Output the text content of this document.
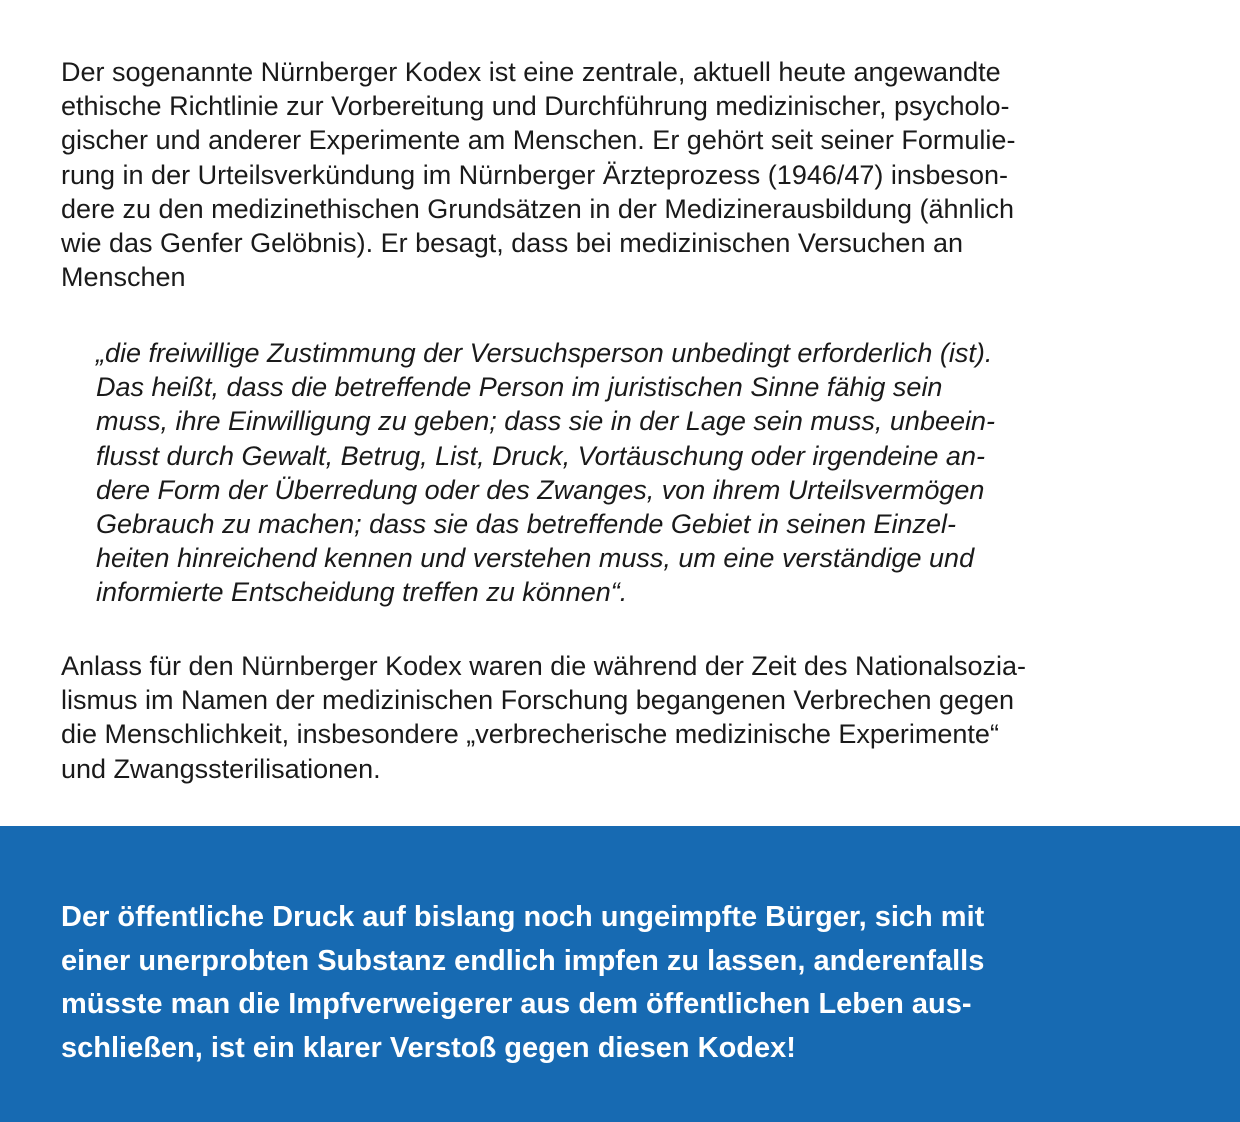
Der sogenannte Nürnberger Kodex ist eine zentrale, aktuell heute angewandte
ethische Richtlinie zur Vorbereitung und Durchführung medizinischer, psycholo-
gischer und anderer Experimente am Menschen. Er gehört seit seiner Formulie-
rung in der Urteilsverkündung im Nürnberger Ärzteprozess (1946/47) insbeson-
dere zu den medizinethischen Grundsätzen in der Medizinerausbildung (ähnlich
wie das Genfer Gelöbnis). Er besagt, dass bei medizinischen Versuchen an
Menschen

„die freiwillige Zustimmung der Versuchsperson unbedingt erforderlich (ist).
Das heißt, dass die betreffende Person im juristischen Sinne fähig sein
muss, ihre Einwilligung zu geben; dass sie in der Lage sein muss, unbeein-
flusst durch Gewalt, Betrug, List, Druck, Vortäuschung oder irgendeine an-
dere Form der Überredung oder des Zwanges, von ihrem Urteilsvermögen
Gebrauch zu machen; dass sie das betreffende Gebiet in seinen Einzel-
heiten hinreichend kennen und verstehen muss, um eine verständige und
informierte Entscheidung treffen zu können“.

Anlass für den Nürnberger Kodex waren die während der Zeit des Nationalsozia-
lismus im Namen der medizinischen Forschung begangenen Verbrechen gegen
die Menschlichkeit, insbesondere „verbrecherische medizinische Experimente“
und Zwangssterilisationen.

Der öffentliche Druck auf bislang noch ungeimpfte Bürger, sich mit
einer unerprobten Substanz endlich impfen zu lassen, anderenfalls
müsste man die Impfverweigerer aus dem öffentlichen Leben aus-
schließen, ist ein klarer Verstoß gegen diesen Kodex!
